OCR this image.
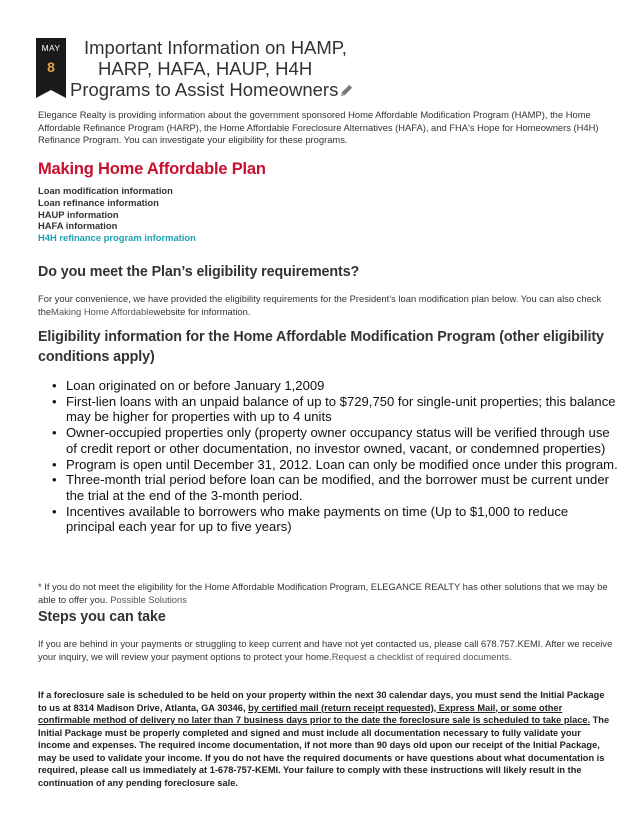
MAY
8
Important Information on HAMP,
HARP, HAFA, HAUP, H4H
Programs to Assist Homeowners

Elegance Realty is providing information about the government sponsored Home Affordable Modification Program (HAMP), the Home Affordable Refinance Program (HARP), the Home Affordable Foreclosure Alternatives (HAFA), and FHA's Hope for Homeowners (H4H) Refinance Program. You can investigate your eligibility for these programs.

Making Home Affordable Plan
Loan modification information
Loan refinance information
HAUP information
HAFA information
H4H refinance program information
Do you meet the Plan’s eligibility requirements?

For your convenience, we have provided the eligibility requirements for the President’s loan modification plan below. You can also check theMaking Home Affordablewebsite for information.

Eligibility information for the Home Affordable Modification Program (other eligibility conditions apply)
• Loan originated on or before January 1,2009
• First-lien loans with an unpaid balance of up to $729,750 for single-unit properties; this balance may be higher for properties with up to 4 units
• Owner-occupied properties only (property owner occupancy status will be verified through use of credit report or other documentation, no investor owned, vacant, or condemned properties)
• Program is open until December 31, 2012. Loan can only be modified once under this program.
• Three-month trial period before loan can be modified, and the borrower must be current under the trial at the end of the 3-month period.
• Incentives available to borrowers who make payments on time (Up to $1,000 to reduce principal each year for up to five years)

* If you do not meet the eligibility for the Home Affordable Modification Program, ELEGANCE REALTY has other solutions that we may be able to offer you. Possible Solutions

Steps you can take

If you are behind in your payments or struggling to keep current and have not yet contacted us, please call 678.757.KEMI. After we receive your inquiry, we will review your payment options to protect your home.Request a checklist of required documents.

If a foreclosure sale is scheduled to be held on your property within the next 30 calendar days, you must send the Initial Package to us at 8314 Madison Drive, Atlanta, GA 30346, by certified mail (return receipt requested), Express Mail, or some other confirmable method of delivery no later than 7 business days prior to the date the foreclosure sale is scheduled to take place. The Initial Package must be properly completed and signed and must include all documentation necessary to fully validate your income and expenses. The required income documentation, if not more than 90 days old upon our receipt of the Initial Package, may be used to validate your income. If you do not have the required documents or have questions about what documentation is required, please call us immediately at 1-678-757-KEMI. Your failure to comply with these instructions will likely result in the continuation of any pending foreclosure sale.
